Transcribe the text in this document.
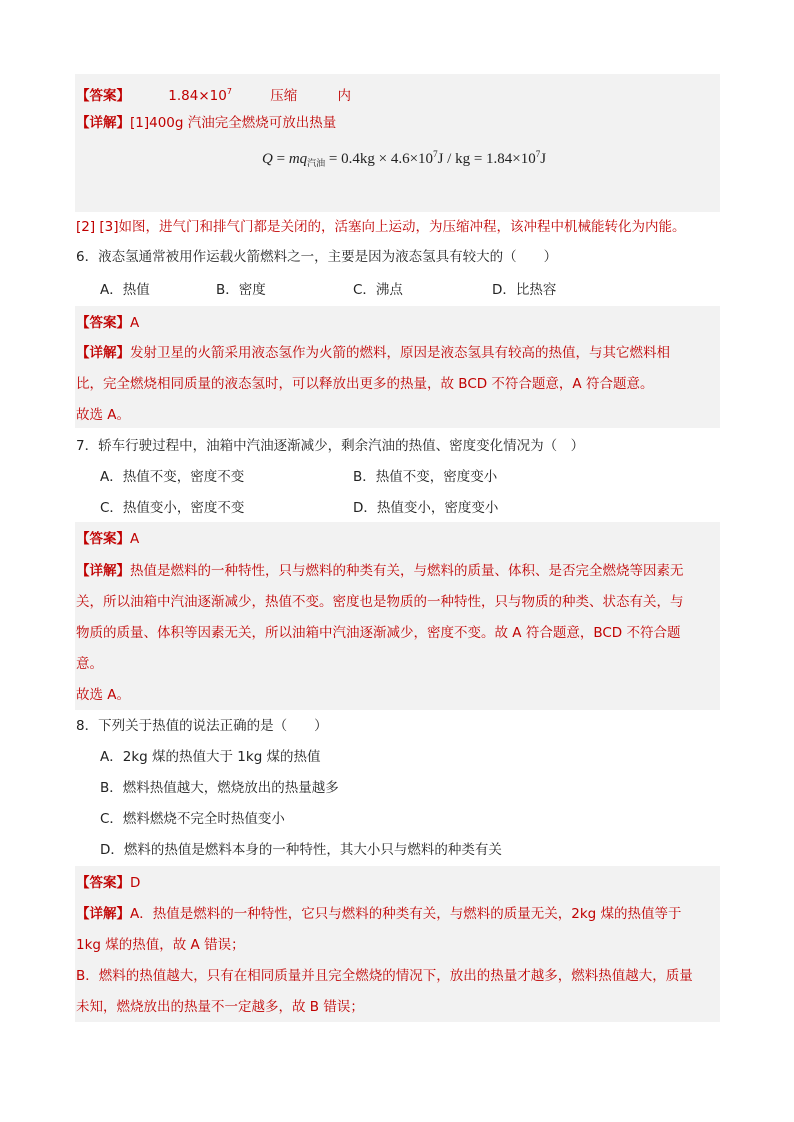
【答案】	$1.84\times 10^7$	压缩	内
【详解】[1]400g 汽油完全燃烧可放出热量
$Q = mq_{汽油} = 0.4kg \times 4.6\times 10^7J$ / kg = $1.84\times 10^7J$
[2] [3]如图，进气门和排气门都是关闭的，活塞向上运动，为压缩冲程，该冲程中机械能转化为内能。
6．液态氢通常被用作运载火箭燃料之一，主要是因为液态氢具有较大的（　　）
A．热值	B．密度	C．沸点	D．比热容
【答案】A
【详解】发射卫星的火箭采用液态氢作为火箭的燃料，原因是液态氢具有较高的热值，与其它燃料相
比，完全燃烧相同质量的液态氢时，可以释放出更多的热量，故 BCD 不符合题意，A 符合题意。
故选 A。
7．轿车行驶过程中，油箱中汽油逐渐减少，剩余汽油的热值、密度变化情况为（　）
A．热值不变，密度不变	B．热值不变，密度变小
C．热值变小，密度不变	D．热值变小，密度变小
【答案】A
【详解】热值是燃料的一种特性，只与燃料的种类有关，与燃料的质量、体积、是否完全燃烧等因素无
关，所以油箱中汽油逐渐减少，热值不变。密度也是物质的一种特性，只与物质的种类、状态有关，与
物质的质量、体积等因素无关，所以油箱中汽油逐渐减少，密度不变。故 A 符合题意，BCD 不符合题
意。
故选 A。
8．下列关于热值的说法正确的是（　　）
A．2kg 煤的热值大于 1kg 煤的热值
B．燃料热值越大，燃烧放出的热量越多
C．燃料燃烧不完全时热值变小
D．燃料的热值是燃料本身的一种特性，其大小只与燃料的种类有关
【答案】D
【详解】A．热值是燃料的一种特性，它只与燃料的种类有关，与燃料的质量无关，2kg 煤的热值等于
1kg 煤的热值，故 A 错误；
B．燃料的热值越大，只有在相同质量并且完全燃烧的情况下，放出的热量才越多，燃料热值越大，质量
未知，燃烧放出的热量不一定越多，故 B 错误；
